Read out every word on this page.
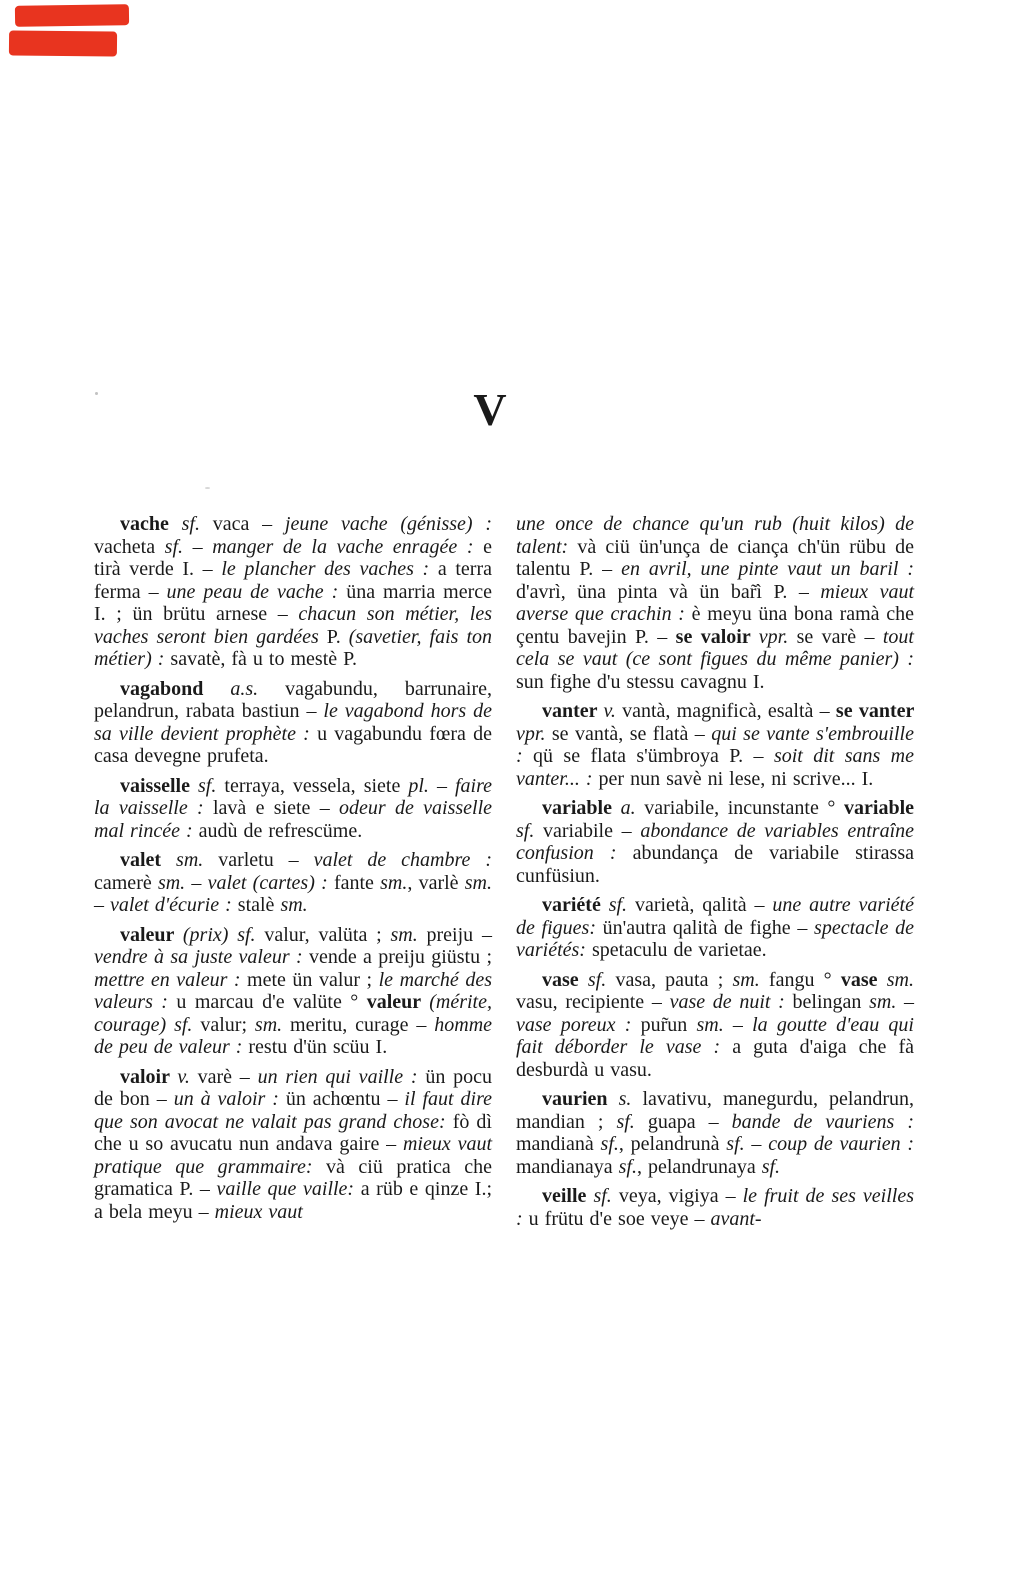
V

vache sf. vaca – jeune vache (génisse) : vacheta sf. – manger de la vache enragée : e tirà verde I. – le plancher des vaches : a terra ferma – une peau de vache : üna marria merce I. ; ün brütu arnese – chacun son métier, les vaches seront bien gardées P. (savetier, fais ton métier) : savatè, fà u to mestè P.

vagabond a.s. vagabundu, barrunaire, pelandrun, rabata bastiun – le vagabond hors de sa ville devient prophète : u vagabundu fœra de casa devegne prufeta.

vaisselle sf. terraya, vessela, siete pl. – faire la vaisselle : lavà e siete – odeur de vaisselle mal rincée : audù de refrescüme.

valet sm. varletu – valet de chambre : camerè sm. – valet (cartes) : fante sm., varlè sm. – valet d'écurie : stalè sm.

valeur (prix) sf. valur, valüta ; sm. preiju – vendre à sa juste valeur : vende a preiju giüstu ; mettre en valeur : mete ün valur ; le marché des valeurs : u marcau d'e valüte ° valeur (mérite, courage) sf. valur; sm. meritu, curage – homme de peu de valeur : restu d'ün scüu I.

valoir v. varè – un rien qui vaille : ün pocu de bon – un à valoir : ün achœntu – il faut dire que son avocat ne valait pas grand chose: fò dì che u so avucatu nun andava gaire – mieux vaut pratique que grammaire: và ciü pratica che gramatica P. – vaille que vaille: a rüb e qinze I.; a bela meyu – mieux vaut

une once de chance qu'un rub (huit kilos) de talent: và ciü ün'unça de ciança ch'ün rübu de talentu P. – en avril, une pinte vaut un baril : d'avrì, üna pinta và ün bar̃ì P. – mieux vaut averse que crachin : è meyu üna bona ramà che çentu bavejin P. – se valoir vpr. se varè – tout cela se vaut (ce sont figues du même panier) : sun fighe d'u stessu cavagnu I.

vanter v. vantà, magnificà, esaltà – se vanter vpr. se vantà, se flatà – qui se vante s'embrouille : qü se flata s'ümbroya P. – soit dit sans me vanter... : per nun savè ni lese, ni scrive... I.

variable a. variabile, incunstante ° variable sf. variabile – abondance de variables entraîne confusion : abundança de variabile stirassa cunfüsiun.

variété sf. varietà, qalità – une autre variété de figues: ün'autra qalità de fighe – spectacle de variétés: spetaculu de varietae.

vase sf. vasa, pauta ; sm. fangu ° vase sm. vasu, recipiente – vase de nuit : belingan sm. – vase poreux : pur̃un sm. – la goutte d'eau qui fait déborder le vase : a guta d'aiga che fà desburdà u vasu.

vaurien s. lavativu, manegurdu, pelandrun, mandian ; sf. guapa – bande de vauriens : mandianà sf., pelandrunà sf. – coup de vaurien : mandianaya sf., pelandrunaya sf.

veille sf. veya, vigiya – le fruit de ses veilles : u frütu d'e soe veye – avant-
